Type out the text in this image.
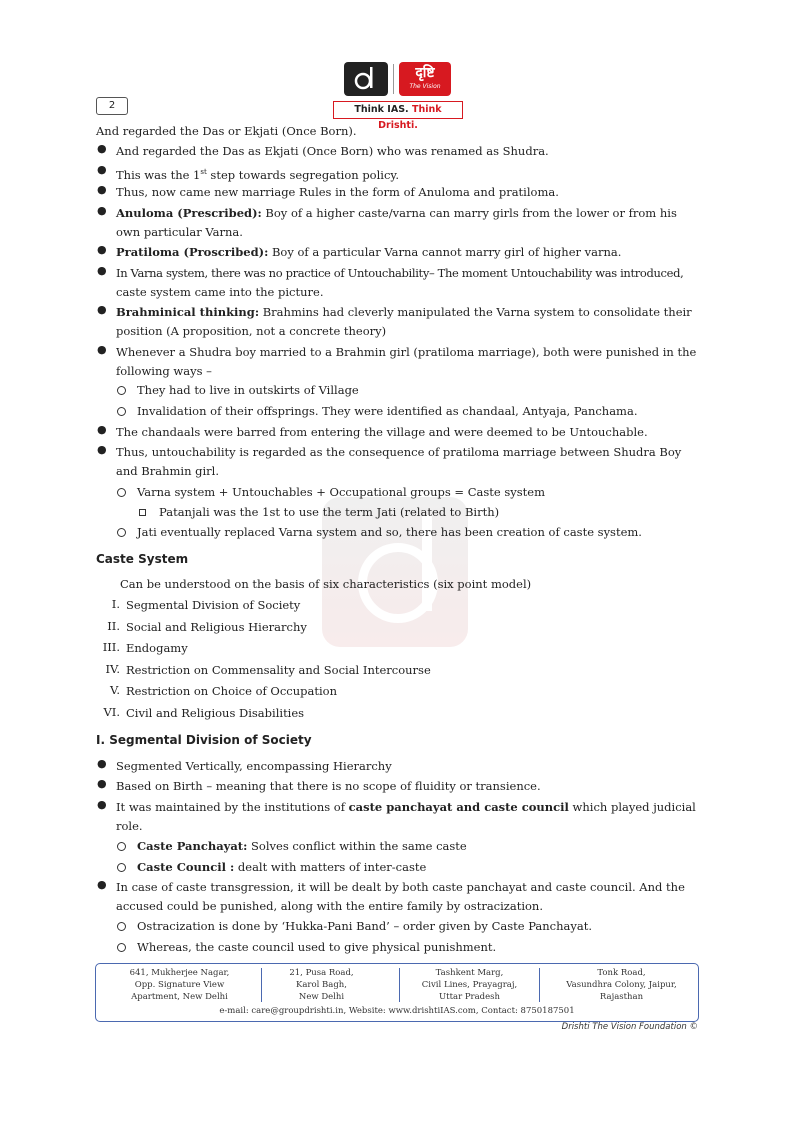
2
दृष्टि
The Vision
Think IAS. Think Drishti.
And regarded the Das or Ekjati (Once Born).
● And regarded the Das as Ekjati (Once Born) who was renamed as Shudra.
● This was the 1st step towards segregation policy.
● Thus, now came new marriage Rules in the form of Anuloma and pratiloma.
● Anuloma (Prescribed): Boy of a higher caste/varna can marry girls from the lower or from his
own particular Varna.
● Pratiloma (Proscribed): Boy of a particular Varna cannot marry girl of higher varna.
● In Varna system, there was no practice of Untouchability– The moment Untouchability was introduced,
caste system came into the picture.
● Brahminical thinking: Brahmins had cleverly manipulated the Varna system to consolidate their
position (A proposition, not a concrete theory)
● Whenever a Shudra boy married to a Brahmin girl (pratiloma marriage), both were punished in the
following ways –
They had to live in outskirts of Village
Invalidation of their offsprings. They were identified as chandaal, Antyaja, Panchama.
● The chandaals were barred from entering the village and were deemed to be Untouchable.
● Thus, untouchability is regarded as the consequence of pratiloma marriage between Shudra Boy
and Brahmin girl.
Varna system + Untouchables + Occupational groups = Caste system
Patanjali was the 1st to use the term Jati (related to Birth)
Jati eventually replaced Varna system and so, there has been creation of caste system.
Caste System
Can be understood on the basis of six characteristics (six point model)
I. Segmental Division of Society
II. Social and Religious Hierarchy
III. Endogamy
IV. Restriction on Commensality and Social Intercourse
V. Restriction on Choice of Occupation
VI. Civil and Religious Disabilities
I. Segmental Division of Society
● Segmented Vertically, encompassing Hierarchy
● Based on Birth – meaning that there is no scope of fluidity or transience.
● It was maintained by the institutions of caste panchayat and caste council which played judicial
role.
Caste Panchayat: Solves conflict within the same caste
Caste Council : dealt with matters of inter-caste
● In case of caste transgression, it will be dealt by both caste panchayat and caste council. And the
accused could be punished, along with the entire family by ostracization.
Ostracization is done by ‘Hukka-Pani Band’ – order given by Caste Panchayat.
Whereas, the caste council used to give physical punishment.
641, Mukherjee Nagar,
Opp. Signature View
Apartment, New Delhi
21, Pusa Road,
Karol Bagh,
New Delhi
Tashkent Marg,
Civil Lines, Prayagraj,
Uttar Pradesh
Tonk Road,
Vasundhra Colony, Jaipur,
Rajasthan
e-mail: care@groupdrishti.in, Website: www.drishtiIAS.com, Contact: 8750187501
Drishti The Vision Foundation ©
